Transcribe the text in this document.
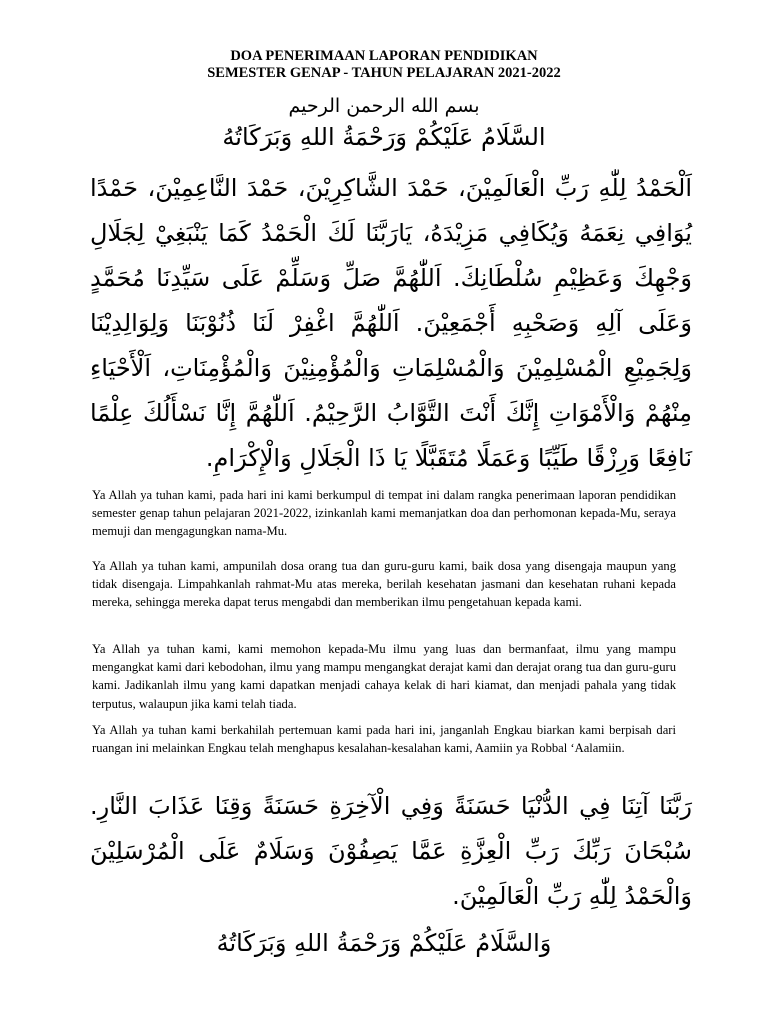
DOA PENERIMAAN LAPORAN PENDIDIKAN
SEMESTER GENAP - TAHUN PELAJARAN 2021-2022
بسم الله الرحمن الرحيم
السَّلَامُ عَلَيْكُمْ وَرَحْمَةُ اللهِ وَبَرَكَاتُهُ
اَلْحَمْدُ لِلّٰهِ رَبِّ الْعَالَمِيْنَ، حَمْدَ الشَّاكِرِيْنَ، حَمْدَ النَّاعِمِيْنَ، حَمْدًا يُوَافِي نِعَمَهُ وَيُكَافِي مَزِيْدَهُ، يَارَبَّنَا لَكَ الْحَمْدُ كَمَا يَنْبَغِيْ لِجَلَالِ وَجْهِكَ وَعَظِيْمِ سُلْطَانِكَ. اَللّٰهُمَّ صَلِّ وَسَلِّمْ عَلَى سَيِّدِنَا مُحَمَّدٍ وَعَلَى آلِهِ وَصَحْبِهِ أَجْمَعِيْنَ. اَللّٰهُمَّ اغْفِرْ لَنَا ذُنُوْبَنَا وَلِوَالِدِيْنَا وَلِجَمِيْعِ الْمُسْلِمِيْنَ وَالْمُسْلِمَاتِ وَالْمُؤْمِنِيْنَ وَالْمُؤْمِنَاتِ، اَلْأَحْيَاءِ مِنْهُمْ وَالْأَمْوَاتِ إِنَّكَ أَنْتَ التَّوَّابُ الرَّحِيْمُ. اَللّٰهُمَّ إِنَّا نَسْأَلُكَ عِلْمًا نَافِعًا وَرِزْقًا طَيِّبًا وَعَمَلًا مُتَقَبَّلًا يَا ذَا الْجَلَالِ وَالْإِكْرَامِ.

Ya Allah ya tuhan kami, pada hari ini kami berkumpul di tempat ini dalam rangka penerimaan laporan pendidikan semester genap tahun pelajaran 2021-2022, izinkanlah kami memanjatkan doa dan perhomonan kepada-Mu, seraya memuji dan mengagungkan nama-Mu.

Ya Allah ya tuhan kami, ampunilah dosa orang tua dan guru-guru kami, baik dosa yang disengaja maupun yang tidak disengaja. Limpahkanlah rahmat-Mu atas mereka, berilah kesehatan jasmani dan kesehatan ruhani kepada mereka, sehingga mereka dapat terus mengabdi dan memberikan ilmu pengetahuan kepada kami.

Ya Allah ya tuhan kami, kami memohon kepada-Mu ilmu yang luas dan bermanfaat, ilmu yang mampu mengangkat kami dari kebodohan, ilmu yang mampu mengangkat derajat kami dan derajat orang tua dan guru-guru kami. Jadikanlah ilmu yang kami dapatkan menjadi cahaya kelak di hari kiamat, dan menjadi pahala yang tidak terputus, walaupun jika kami telah tiada.

Ya Allah ya tuhan kami berkahilah pertemuan kami pada hari ini, janganlah Engkau biarkan kami berpisah dari ruangan ini melainkan Engkau telah menghapus kesalahan-kesalahan kami, Aamiin ya Robbal ‘Aalamiin.

رَبَّنَا آتِنَا فِي الدُّنْيَا حَسَنَةً وَفِي الْآخِرَةِ حَسَنَةً وَقِنَا عَذَابَ النَّارِ. سُبْحَانَ رَبِّكَ رَبِّ الْعِزَّةِ عَمَّا يَصِفُوْنَ وَسَلَامٌ عَلَى الْمُرْسَلِيْنَ وَالْحَمْدُ لِلّٰهِ رَبِّ الْعَالَمِيْنَ.
وَالسَّلَامُ عَلَيْكُمْ وَرَحْمَةُ اللهِ وَبَرَكَاتُهُ
